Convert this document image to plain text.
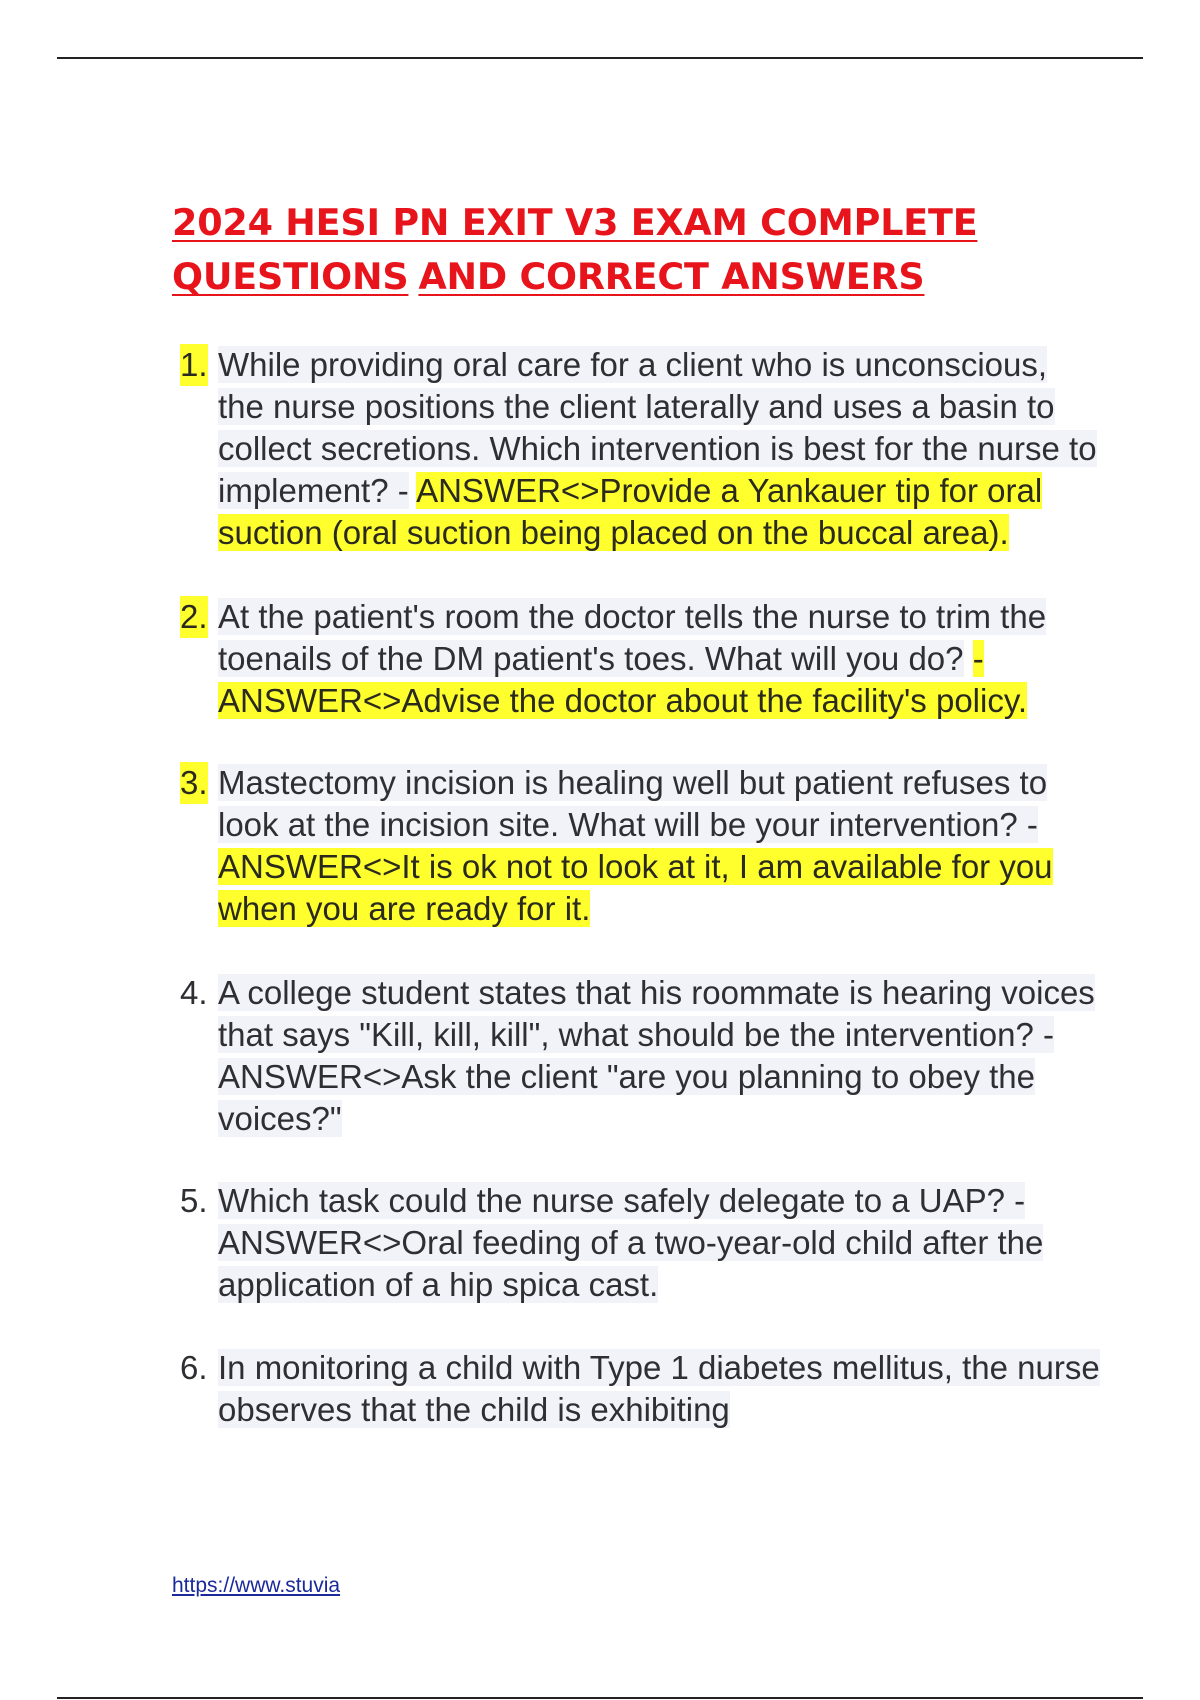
2024 HESI PN EXIT V3 EXAM COMPLETE
QUESTIONS AND CORRECT ANSWERS
1. While providing oral care for a client who is unconscious, the nurse positions the client laterally and uses a basin to collect secretions. Which intervention is best for the nurse to implement? - ANSWER<>Provide a Yankauer tip for oral suction (oral suction being placed on the buccal area).
2. At the patient's room the doctor tells the nurse to trim the toenails of the DM patient's toes. What will you do? - ANSWER<>Advise the doctor about the facility's policy.
3. Mastectomy incision is healing well but patient refuses to look at the incision site. What will be your intervention? - ANSWER<>It is ok not to look at it, I am available for you when you are ready for it.
4. A college student states that his roommate is hearing voices that says "Kill, kill, kill", what should be the intervention? - ANSWER<>Ask the client "are you planning to obey the voices?"
5. Which task could the nurse safely delegate to a UAP? - ANSWER<>Oral feeding of a two-year-old child after the application of a hip spica cast.
6. In monitoring a child with Type 1 diabetes mellitus, the nurse observes that the child is exhibiting
https://www.stuvia
